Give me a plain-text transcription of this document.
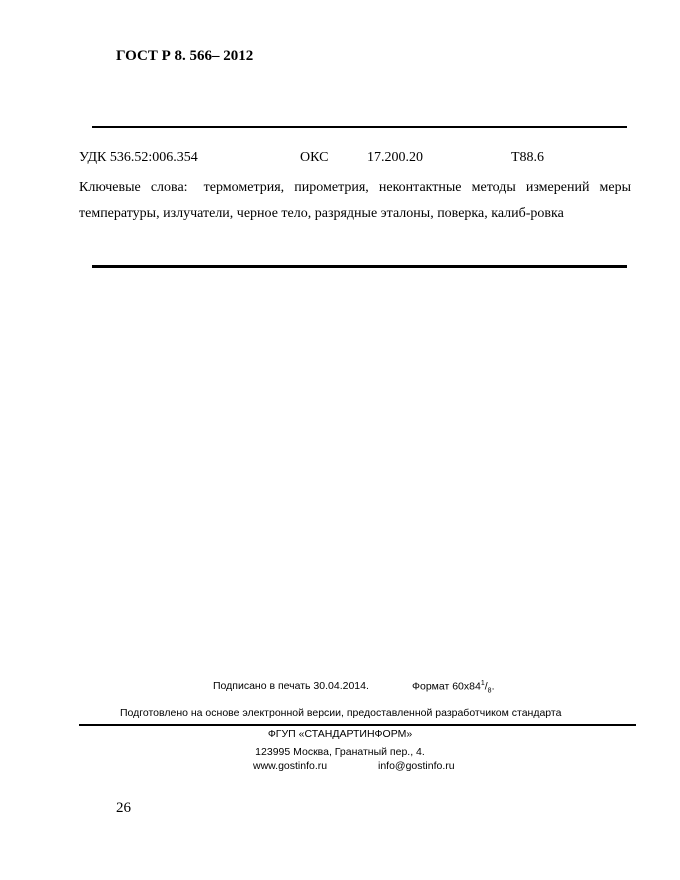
ГОСТ Р 8. 566– 2012
УДК 536.52:006.354	ОКС	17.200.20	Т88.6
Ключевые слова: термометрия, пирометрия, неконтактные методы измерений меры температуры, излучатели, черное тело, разрядные эталоны, поверка, калиб-ровка
Подписано в печать 30.04.2014.	Формат $60x84^1/_8$.
Подготовлено на основе электронной версии, предоставленной разработчиком стандарта
ФГУП «СТАНДАРТИНФОРМ»
123995 Москва, Гранатный пер., 4.
www.gostinfo.ru	info@gostinfo.ru
26
